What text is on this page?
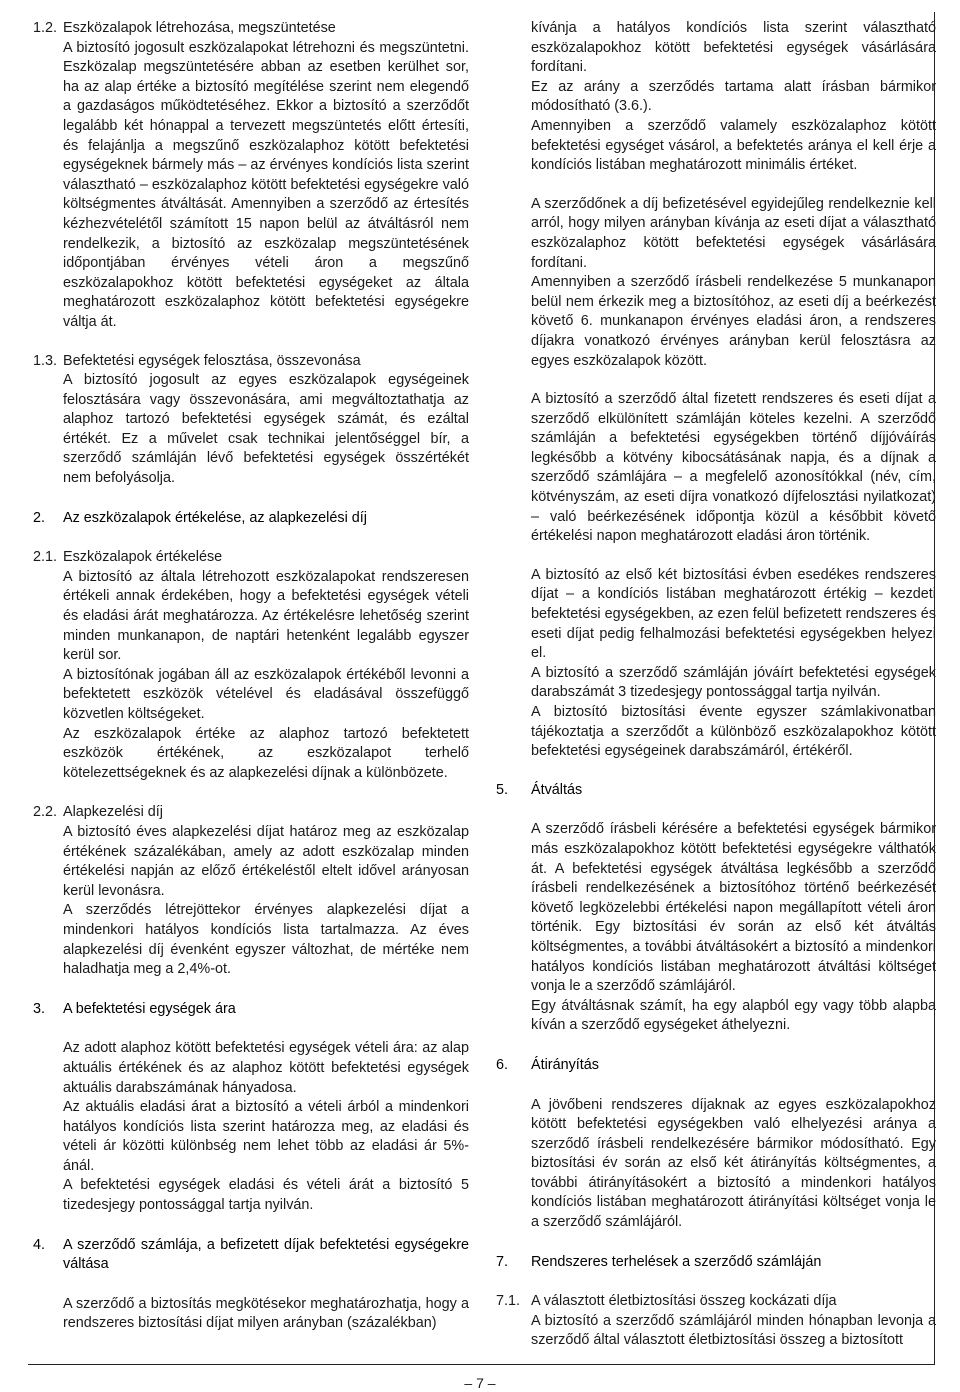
1.2. Eszközalapok létrehozása, megszüntetése

A biztosító jogosult eszközalapokat létrehozni és megszüntetni. Eszközalap megszüntetésére abban az esetben kerülhet sor, ha az alap értéke a biztosító megítélése szerint nem elegendő a gazdaságos működtetéséhez. Ekkor a biztosító a szerződőt legalább két hónappal a tervezett megszüntetés előtt értesíti, és felajánlja a megszűnő eszközalaphoz kötött befektetési egységeknek bármely más – az érvényes kondíciós lista szerint választható – eszközalaphoz kötött befektetési egységekre való költségmentes átváltását. Amennyiben a szerződő az értesítés kézhezvételétől számított 15 napon belül az átváltásról nem rendelkezik, a biztosító az eszközalap megszüntetésének időpontjában érvényes vételi áron a megszűnő eszközalapokhoz kötött befektetési egységeket az általa meghatározott eszközalaphoz kötött befektetési egységekre váltja át.

1.3. Befektetési egységek felosztása, összevonása

A biztosító jogosult az egyes eszközalapok egységeinek felosztására vagy összevonására, ami megváltoztathatja az alaphoz tartozó befektetési egységek számát, és ezáltal értékét. Ez a művelet csak technikai jelentőséggel bír, a szerződő számláján lévő befektetési egységek összértékét nem befolyásolja.

2.	Az eszközalapok értékelése, az alapkezelési díj

2.1. Eszközalapok értékelése

A biztosító az általa létrehozott eszközalapokat rendszeresen értékeli annak érdekében, hogy a befektetési egységek vételi és eladási árát meghatározza. Az értékelésre lehetőség szerint minden munkanapon, de naptári hetenként legalább egyszer kerül sor.

A biztosítónak jogában áll az eszközalapok értékéből levonni a befektetett eszközök vételével és eladásával összefüggő közvetlen költségeket.

Az eszközalapok értéke az alaphoz tartozó befektetett eszközök értékének, az eszközalapot terhelő kötelezettségeknek és az alapkezelési díjnak a különbözete.

2.2. Alapkezelési díj

A biztosító éves alapkezelési díjat határoz meg az eszközalap értékének százalékában, amely az adott eszközalap minden értékelési napján az előző értékeléstől eltelt idővel arányosan kerül levonásra.

A szerződés létrejöttekor érvényes alapkezelési díjat a mindenkori hatályos kondíciós lista tartalmazza. Az éves alapkezelési díj évenként egyszer változhat, de mértéke nem haladhatja meg a 2,4%-ot.

3.	A befektetési egységek ára

Az adott alaphoz kötött befektetési egységek vételi ára: az alap aktuális értékének és az alaphoz kötött befektetési egységek aktuális darabszámának hányadosa.

Az aktuális eladási árat a biztosító a vételi árból a mindenkori hatályos kondíciós lista szerint határozza meg, az eladási és vételi ár közötti különbség nem lehet több az eladási ár 5%-ánál.

A befektetési egységek eladási és vételi árát a biztosító 5 tizedesjegy pontossággal tartja nyilván.

4.	A szerződő számlája, a befizetett díjak befektetési egységekre váltása

A szerződő a biztosítás megkötésekor meghatározhatja, hogy a rendszeres biztosítási díjat milyen arányban (százalékban)

kívánja a hatályos kondíciós lista szerint választható eszközalapokhoz kötött befektetési egységek vásárlására fordítani.

Ez az arány a szerződés tartama alatt írásban bármikor módosítható (3.6.).

Amennyiben a szerződő valamely eszközalaphoz kötött befektetési egységet vásárol, a befektetés aránya el kell érje a kondíciós listában meghatározott minimális értéket.

A szerződőnek a díj befizetésével egyidejűleg rendelkeznie kell arról, hogy milyen arányban kívánja az eseti díjat a választható eszközalaphoz kötött befektetési egységek vásárlására fordítani.

Amennyiben a szerződő írásbeli rendelkezése 5 munkanapon belül nem érkezik meg a biztosítóhoz, az eseti díj a beérkezést követő 6. munkanapon érvényes eladási áron, a rendszeres díjakra vonatkozó érvényes arányban kerül felosztásra az egyes eszközalapok között.

A biztosító a szerződő által fizetett rendszeres és eseti díjat a szerződő elkülönített számláján köteles kezelni. A szerződő számláján a befektetési egységekben történő díjjóváírás legkésőbb a kötvény kibocsátásának napja, és a díjnak a szerződő számlájára – a megfelelő azonosítókkal (név, cím, kötvényszám, az eseti díjra vonatkozó díjfelosztási nyilatkozat) – való beérkezésének időpontja közül a későbbit követő értékelési napon meghatározott eladási áron történik.

A biztosító az első két biztosítási évben esedékes rendszeres díjat – a kondíciós listában meghatározott értékig – kezdeti befektetési egységekben, az ezen felül befizetett rendszeres és eseti díjat pedig felhalmozási befektetési egységekben helyezi el.

A biztosító a szerződő számláján jóváírt befektetési egységek darabszámát 3 tizedesjegy pontossággal tartja nyilván.

A biztosító biztosítási évente egyszer számlakivonatban tájékoztatja a szerződőt a különböző eszközalapokhoz kötött befektetési egységeinek darabszámáról, értékéről.

5.	Átváltás

A szerződő írásbeli kérésére a befektetési egységek bármikor más eszközalapokhoz kötött befektetési egységekre válthatók át. A befektetési egységek átváltása legkésőbb a szerződő írásbeli rendelkezésének a biztosítóhoz történő beérkezését követő legközelebbi értékelési napon megállapított vételi áron történik. Egy biztosítási év során az első két átváltás költségmentes, a további átváltásokért a biztosító a mindenkori hatályos kondíciós listában meghatározott átváltási költséget vonja le a szerződő számlájáról.

Egy átváltásnak számít, ha egy alapból egy vagy több alapba kíván a szerződő egységeket áthelyezni.

6.	Átirányítás

A jövőbeni rendszeres díjaknak az egyes eszközalapokhoz kötött befektetési egységekben való elhelyezési aránya a szerződő írásbeli rendelkezésére bármikor módosítható. Egy biztosítási év során az első két átirányítás költségmentes, a további átirányításokért a biztosító a mindenkori hatályos kondíciós listában meghatározott átirányítási költséget vonja le a szerződő számlájáról.

7.	Rendszeres terhelések a szerződő számláján

7.1. A választott életbiztosítási összeg kockázati díja

A biztosító a szerződő számlájáról minden hónapban levonja a szerződő által választott életbiztosítási összeg a biztosított

– 7 –
